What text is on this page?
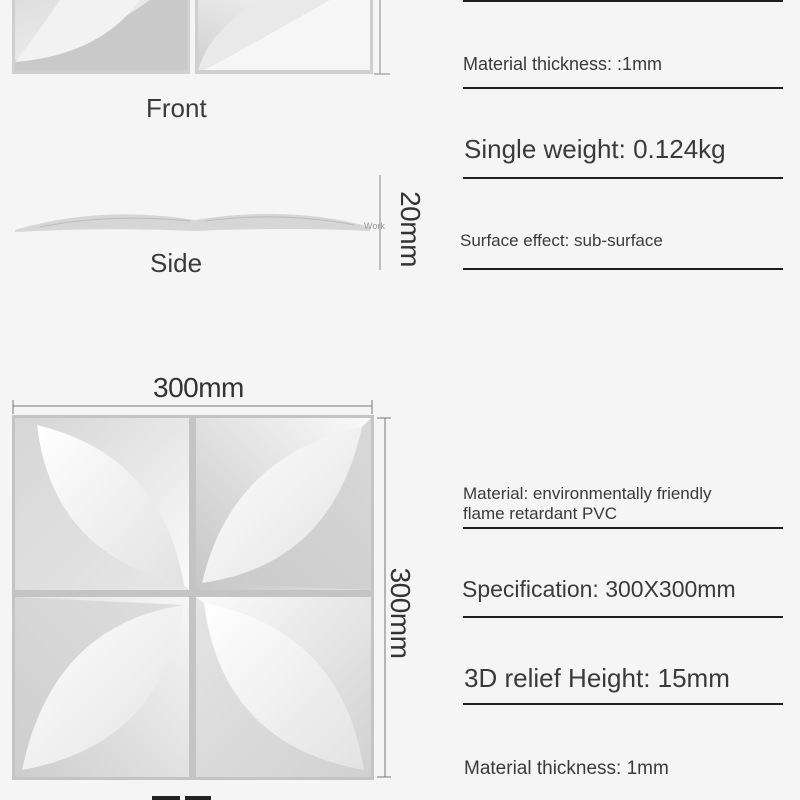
Front
Work 20mm
Side
300mm
300mm
Material thickness: :1mm
Single weight: 0.124kg
Surface effect: sub-surface
Material: environmentally friendly
flame retardant PVC
Specification: 300X300mm
3D relief Height: 15mm
Material thickness: 1mm
